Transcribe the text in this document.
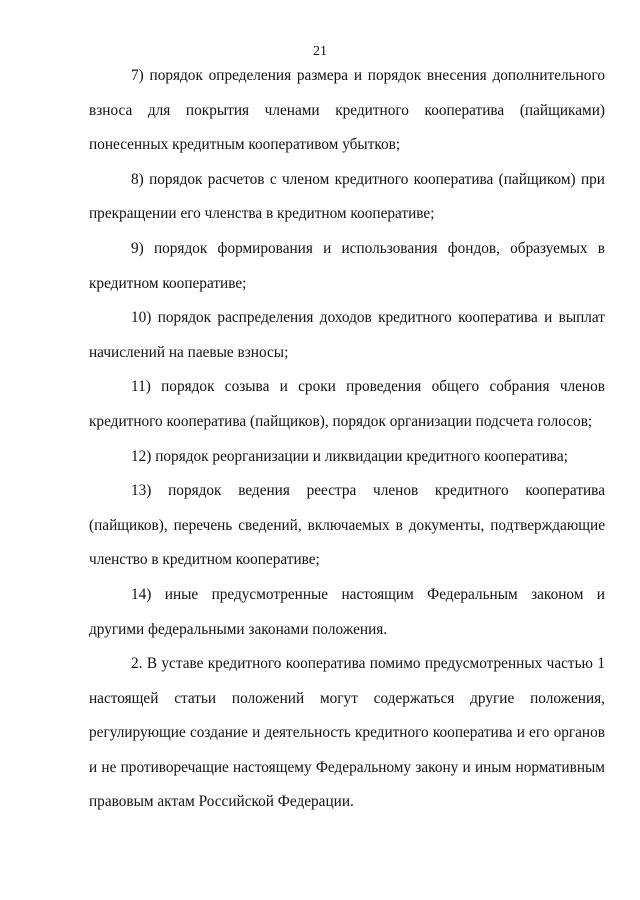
21

7) порядок определения размера и порядок внесения дополнительного взноса для покрытия членами кредитного кооператива (пайщиками) понесенных кредитным кооперативом убытков;

8) порядок расчетов с членом кредитного кооператива (пайщиком) при прекращении его членства в кредитном кооперативе;

9) порядок формирования и использования фондов, образуемых в кредитном кооперативе;

10) порядок распределения доходов кредитного кооператива и выплат начислений на паевые взносы;

11) порядок созыва и сроки проведения общего собрания членов кредитного кооператива (пайщиков), порядок организации подсчета голосов;

12) порядок реорганизации и ликвидации кредитного кооператива;

13) порядок ведения реестра членов кредитного кооператива (пайщиков), перечень сведений, включаемых в документы, подтверждающие членство в кредитном кооперативе;

14) иные предусмотренные настоящим Федеральным законом и другими федеральными законами положения.

2. В уставе кредитного кооператива помимо предусмотренных частью 1 настоящей статьи положений могут содержаться другие положения, регулирующие создание и деятельность кредитного кооператива и его органов и не противоречащие настоящему Федеральному закону и иным нормативным правовым актам Российской Федерации.
